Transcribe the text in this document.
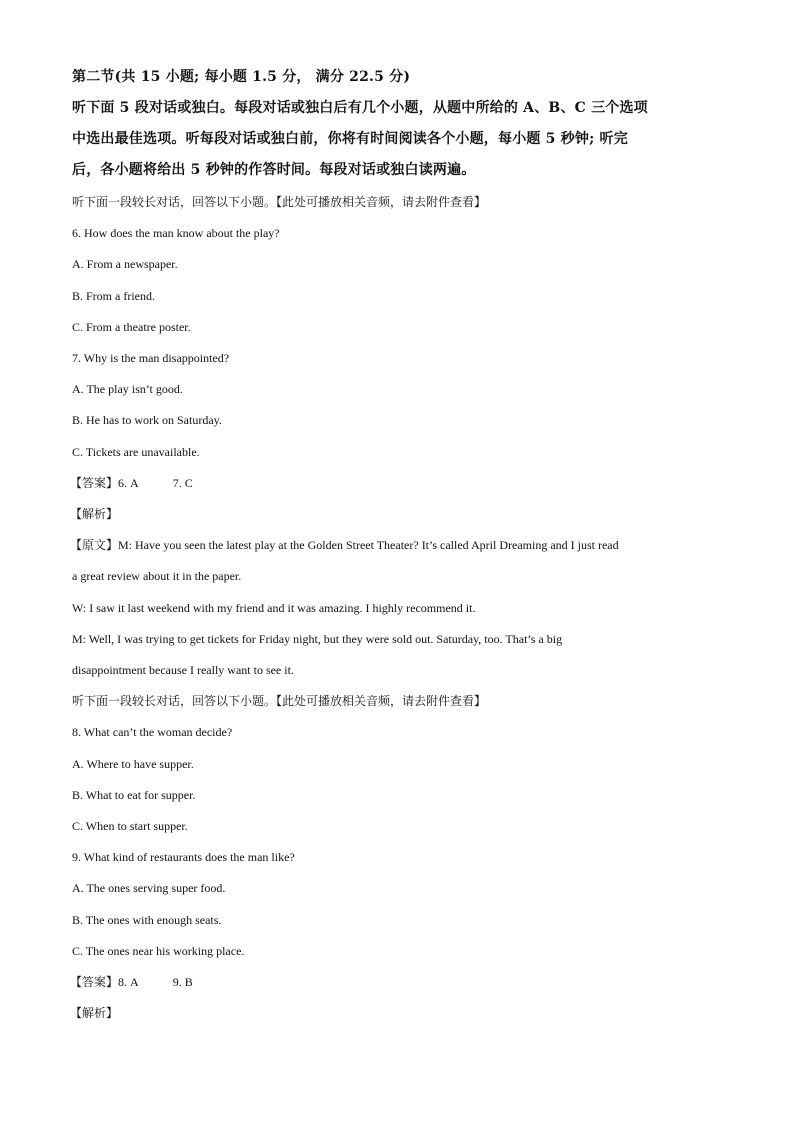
第二节(共 15 小题; 每小题 1.5 分， 满分 22.5 分)
听下面 5 段对话或独白。每段对话或独白后有几个小题，从题中所给的 A、B、C 三个选项
中选出最佳选项。听每段对话或独白前，你将有时间阅读各个小题，每小题 5 秒钟; 听完
后，各小题将给出 5 秒钟的作答时间。每段对话或独白读两遍。
听下面一段较长对话，回答以下小题。【此处可播放相关音频，请去附件查看】
6. How does the man know about the play?
A. From a newspaper.
B. From a friend.
C. From a theatre poster.
7. Why is the man disappointed?
A. The play isn’t good.
B. He has to work on Saturday.
C. Tickets are unavailable.
【答案】6. A	7. C
【解析】
【原文】M: Have you seen the latest play at the Golden Street Theater? It’s called April Dreaming and I just read
a great review about it in the paper.
W: I saw it last weekend with my friend and it was amazing. I highly recommend it.
M: Well, I was trying to get tickets for Friday night, but they were sold out. Saturday, too. That’s a big
disappointment because I really want to see it.
听下面一段较长对话，回答以下小题。【此处可播放相关音频，请去附件查看】
8. What can’t the woman decide?
A. Where to have supper.
B. What to eat for supper.
C. When to start supper.
9. What kind of restaurants does the man like?
A. The ones serving super food.
B. The ones with enough seats.
C. The ones near his working place.
【答案】8. A	9. B
【解析】
